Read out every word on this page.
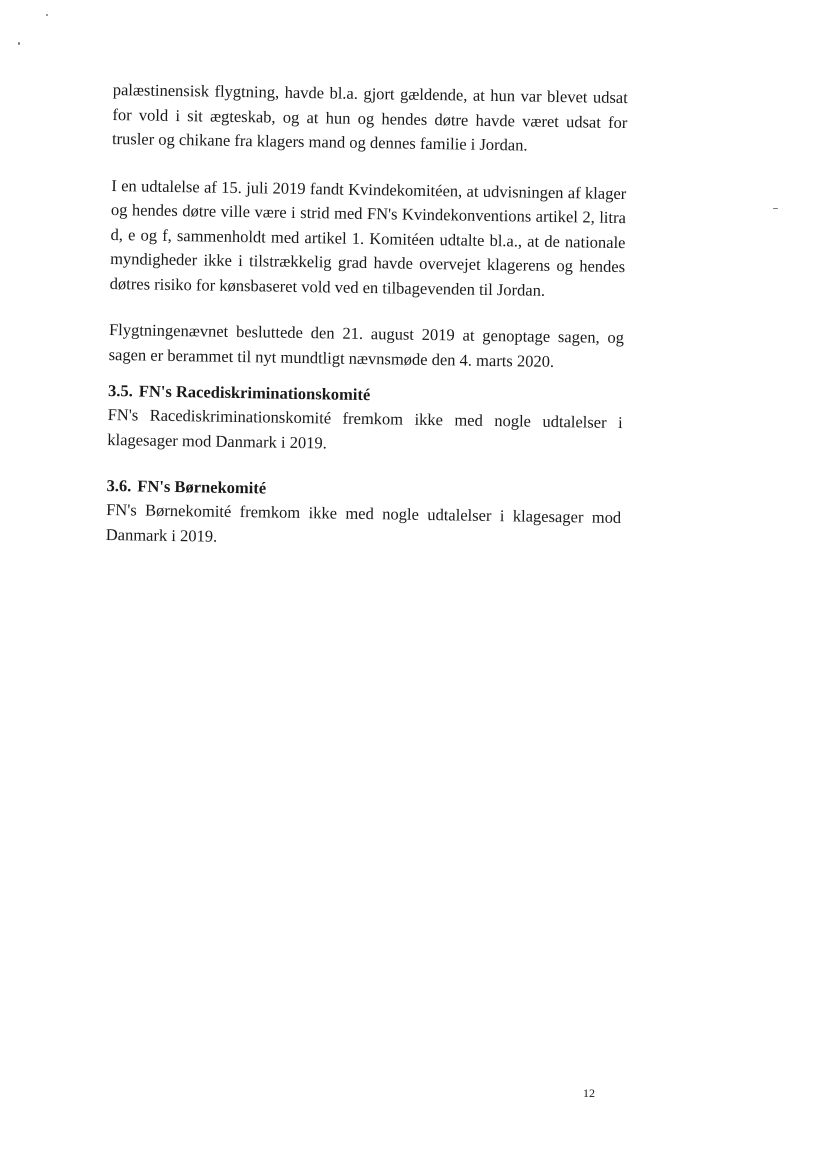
palæstinensisk flygtning, havde bl.a. gjort gældende, at hun var blevet udsat for vold i sit ægteskab, og at hun og hendes døtre havde været udsat for trusler og chikane fra klagers mand og dennes familie i Jordan.

I en udtalelse af 15. juli 2019 fandt Kvindekomitéen, at udvisningen af klager og hendes døtre ville være i strid med FN's Kvindekonventions artikel 2, litra d, e og f, sammenholdt med artikel 1. Komitéen udtalte bl.a., at de nationale myndigheder ikke i tilstrækkelig grad havde overvejet klagerens og hendes døtres risiko for kønsbaseret vold ved en tilbagevenden til Jordan.

Flygtningenævnet besluttede den 21. august 2019 at genoptage sagen, og sagen er berammet til nyt mundtligt nævnsmøde den 4. marts 2020.

3.5. FN's Racediskriminationskomité

FN's Racediskriminationskomité fremkom ikke med nogle udtalelser i klagesager mod Danmark i 2019.

3.6. FN's Børnekomité

FN's Børnekomité fremkom ikke med nogle udtalelser i klagesager mod Danmark i 2019.

12
